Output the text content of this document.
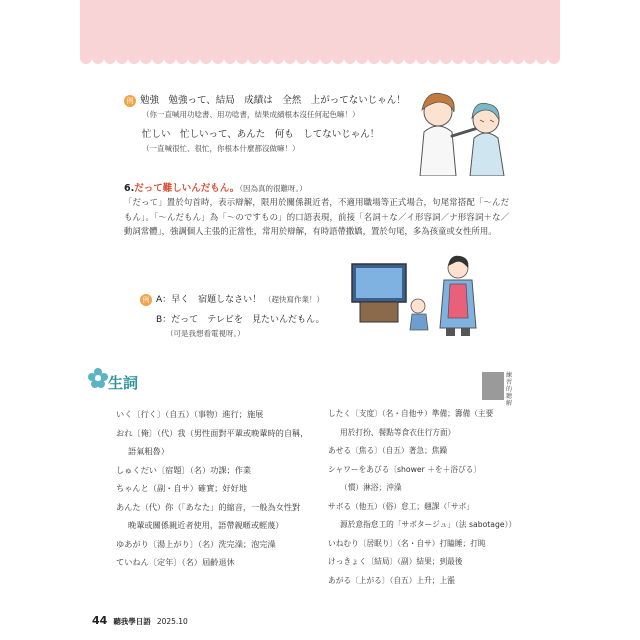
例 勉強　勉強って、結局　成績は　全然　上がってないじゃん！
（你一直喊用功唸書、用功唸書，結果成績根本沒任何起色嘛！）
忙しい　忙しいって、あんた　何も　してないじゃん！
（一直喊很忙、很忙，你根本什麼都沒做嘛！）
6.だって難しいんだもん。（因為真的很難呀。）
「だって」置於句首時，表示辯解，限用於關係親近者，不適用職場等正式場合，句尾常搭配「～んだもん」。「～んだもん」為「～のですもの」的口語表現，前接「名詞＋な／イ形容詞／ナ形容詞＋な／動詞常體」，強調個人主張的正當性，常用於辯解，有時語帶撒嬌，置於句尾，多為孩童或女性所用。
例 A：早く　宿題しなさい！ （趕快寫作業！）
B：だって　テレビを　見たいんだもん。
（可是我想看電視呀。）
生詞	練習的聽解
いく〔行く〕（自五）（事物）進行；施展
おれ〔俺〕（代）我（男性面對平輩或晚輩時的自稱，
語氣粗魯）
しゅくだい〔宿題〕（名）功課；作業
ちゃんと（副・自サ）確實；好好地
あんた（代）你（「あなた」的縮音，一般為女性對
晚輩或關係親近者使用，語帶親暱或輕蔑）
ゆあがり〔湯上がり〕（名）洗完澡；泡完澡
ていねん〔定年〕（名）屆齡退休
したく〔支度〕（名・自他サ）準備；籌備（主要
用於打扮、餐點等食衣住行方面）
あせる〔焦る〕（自五）著急；焦躁
シャワーをあびる〔shower ＋を＋浴びる〕
（慣）淋浴；沖澡
サボる（他五）（俗）怠工；翹課（「サボ」
源於意指怠工的「サボタージュ」（法 sabotage））
いねむり〔居眠り〕（名・自サ）打瞌睡；打盹
けっきょく〔結局〕（副）結果；到最後
あがる〔上がる〕（自五）上升；上漲
44 聽我學日語 2025.10
